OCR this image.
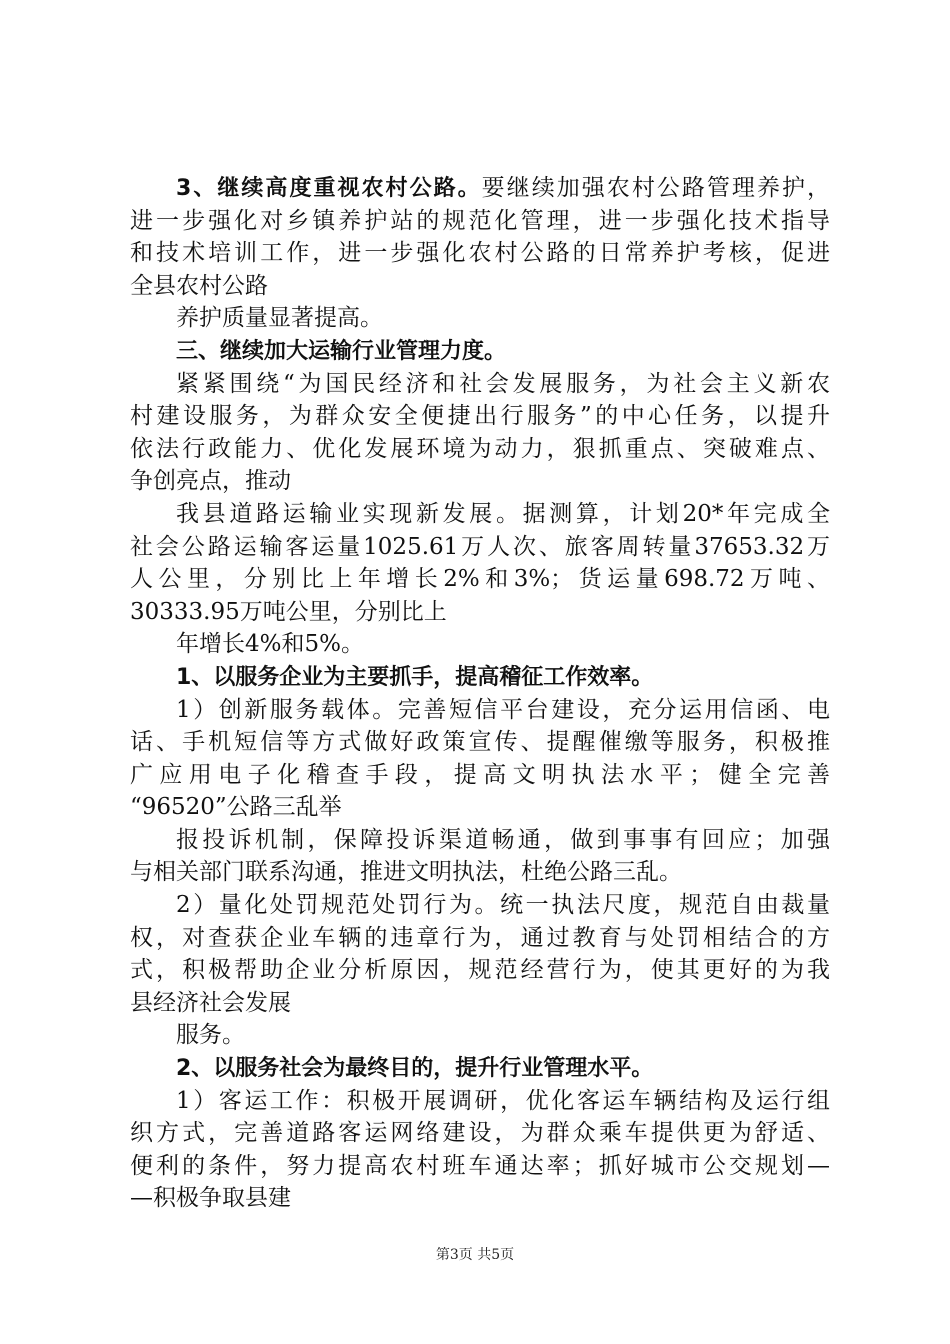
3、继续高度重视农村公路。要继续加强农村公路管理养护，
进一步强化对乡镇养护站的规范化管理，进一步强化技术指导
和技术培训工作，进一步强化农村公路的日常养护考核，促进
全县农村公路
养护质量显著提高。
三、继续加大运输行业管理力度。
紧紧围绕“为国民经济和社会发展服务，为社会主义新农
村建设服务，为群众安全便捷出行服务”的中心任务，以提升
依法行政能力、优化发展环境为动力，狠抓重点、突破难点、
争创亮点，推动
我县道路运输业实现新发展。据测算，计划20*年完成全
社会公路运输客运量1025.61万人次、旅客周转量37653.32万
人公里，分别比上年增长2%和3%；货运量698.72万吨、
30333.95万吨公里，分别比上
年增长4%和5%。
1、以服务企业为主要抓手，提高稽征工作效率。
1）创新服务载体。完善短信平台建设，充分运用信函、电
话、手机短信等方式做好政策宣传、提醒催缴等服务，积极推
广应用电子化稽查手段，提高文明执法水平；健全完善
“96520”公路三乱举
报投诉机制，保障投诉渠道畅通，做到事事有回应；加强
与相关部门联系沟通，推进文明执法，杜绝公路三乱。
2）量化处罚规范处罚行为。统一执法尺度，规范自由裁量
权，对查获企业车辆的违章行为，通过教育与处罚相结合的方
式，积极帮助企业分析原因，规范经营行为，使其更好的为我
县经济社会发展
服务。
2、以服务社会为最终目的，提升行业管理水平。
1）客运工作：积极开展调研，优化客运车辆结构及运行组
织方式，完善道路客运网络建设，为群众乘车提供更为舒适、
便利的条件，努力提高农村班车通达率；抓好城市公交规划—
—积极争取县建
第3页 共5页
